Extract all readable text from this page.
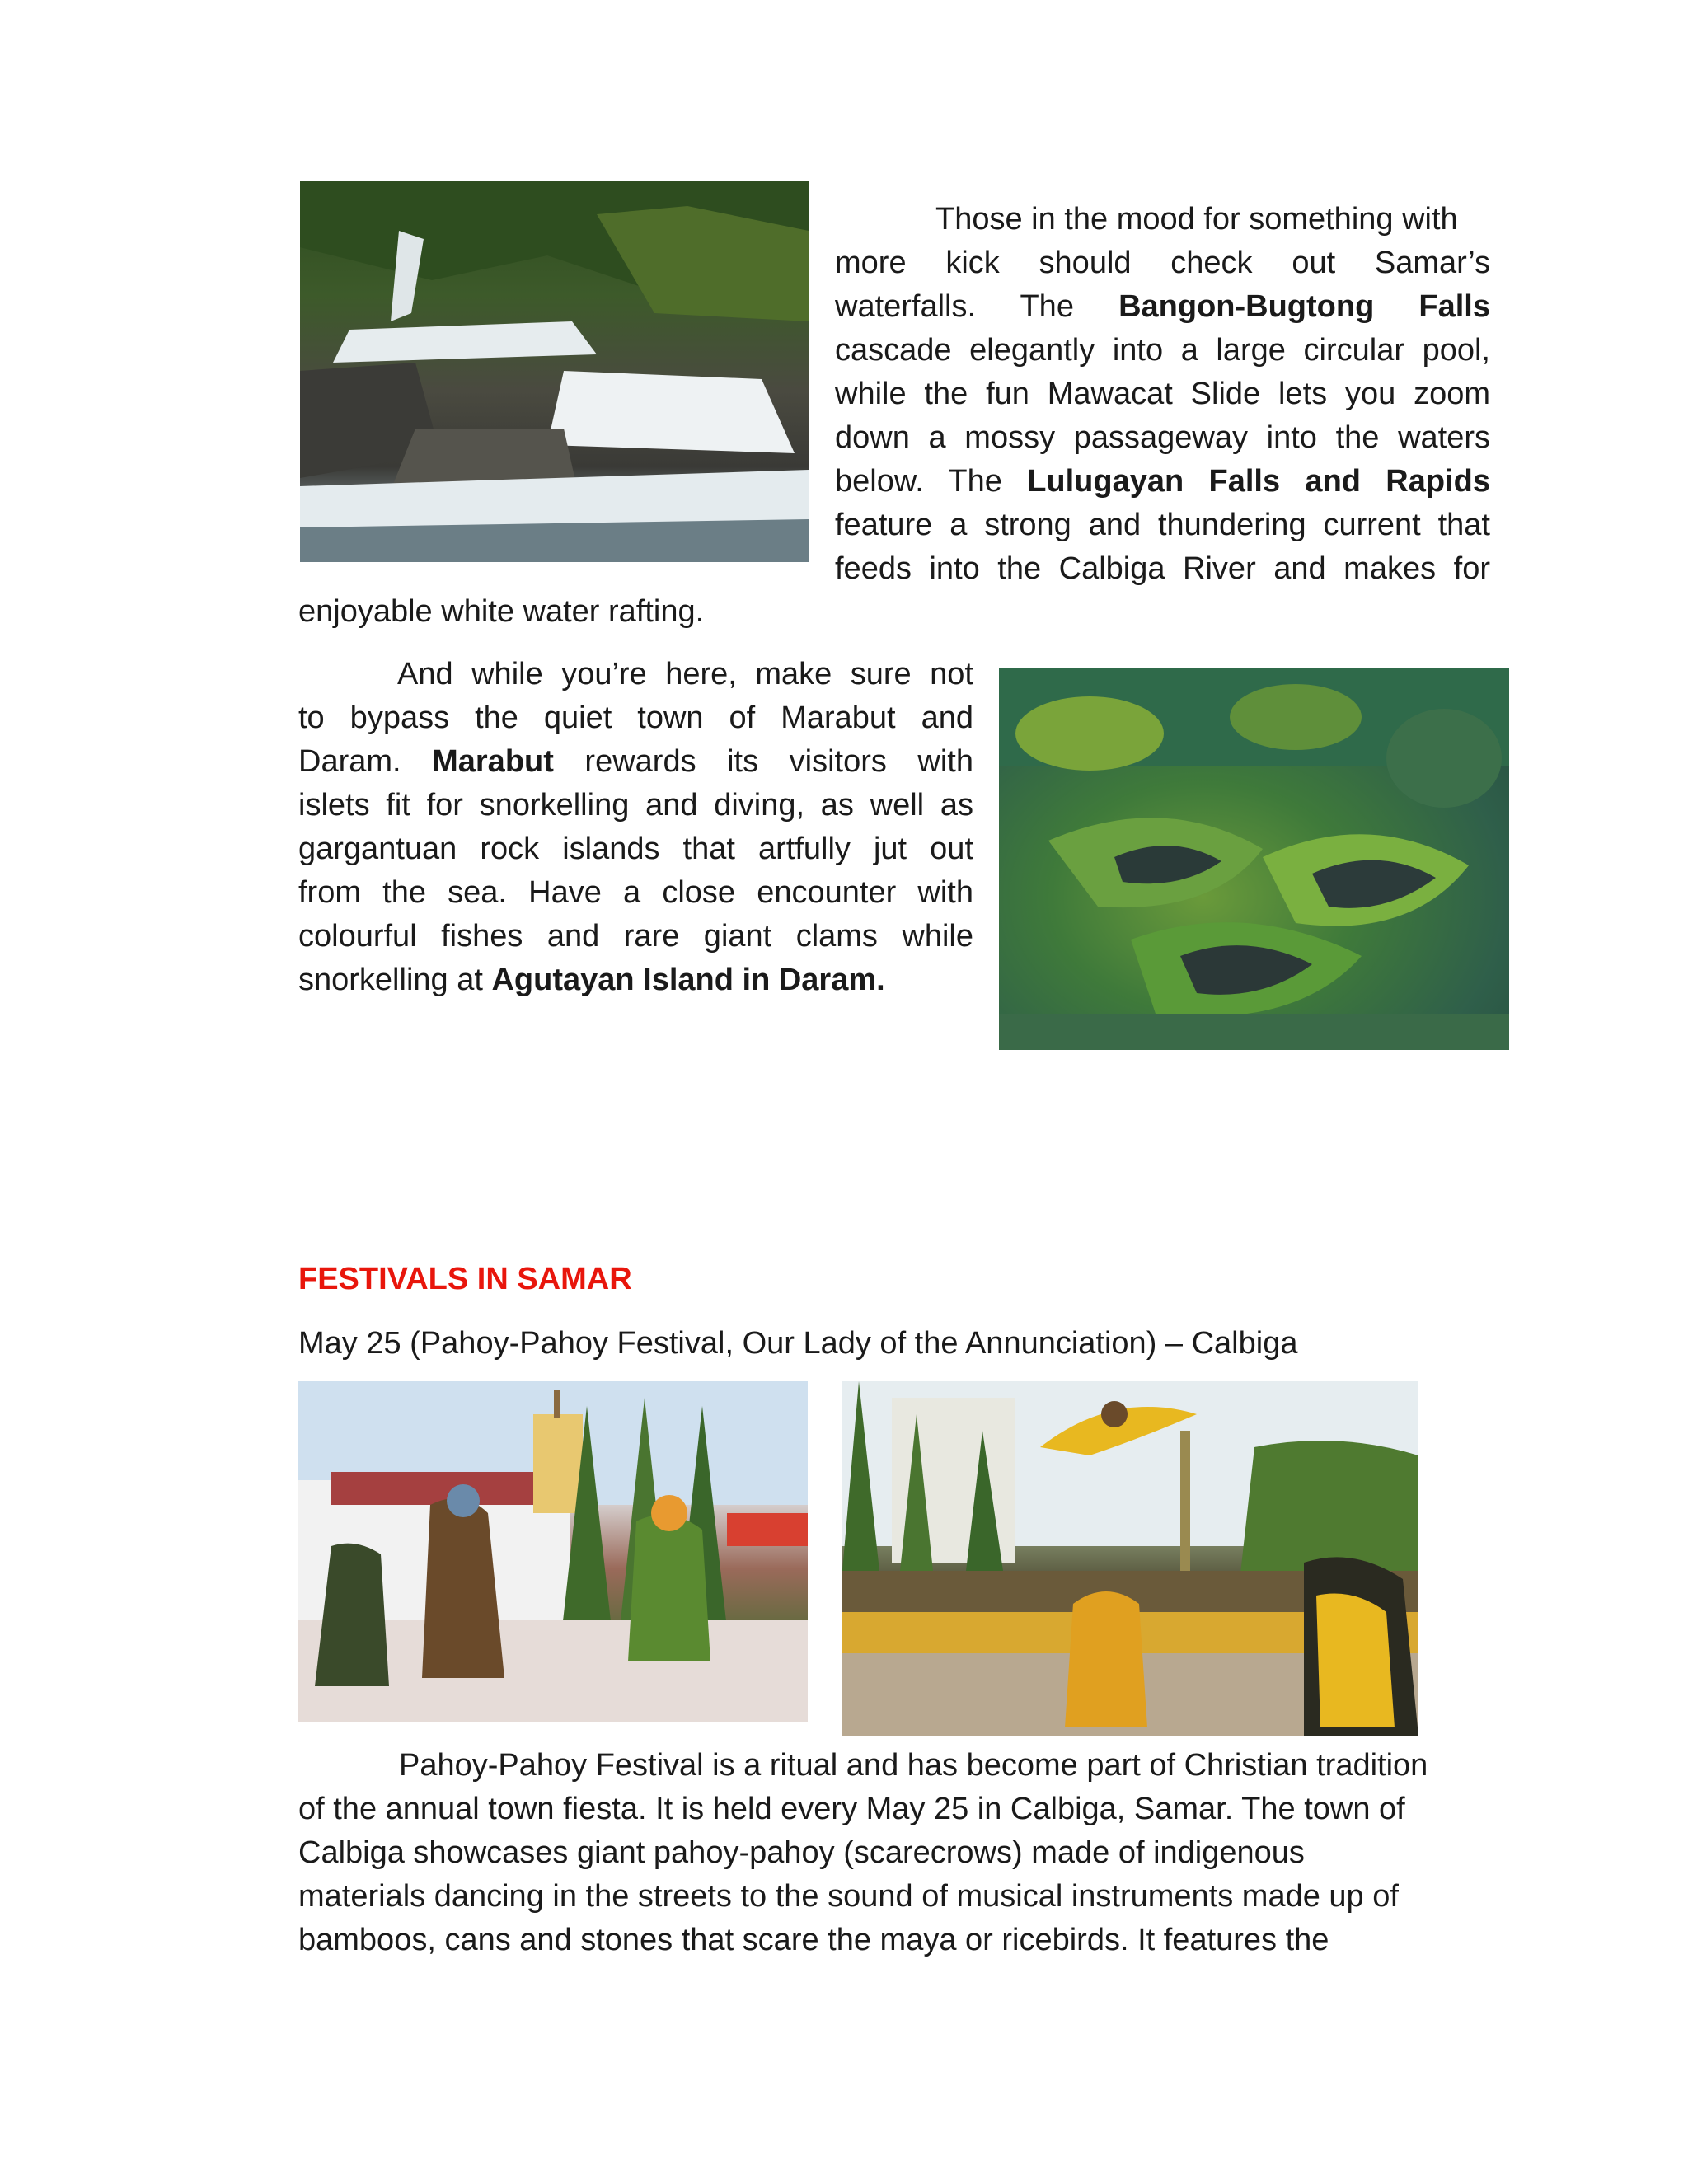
Those in the mood for something with
more kick should check out Samar’s
waterfalls. The Bangon-Bugtong Falls
cascade elegantly into a large circular pool,
while the fun Mawacat Slide lets you zoom
down a mossy passageway into the waters
below. The Lulugayan Falls and Rapids
feature a strong and thundering current that
feeds into the Calbiga River and makes for
enjoyable white water rafting.
And while you’re here, make sure not
to bypass the quiet town of Marabut and
Daram. Marabut rewards its visitors with
islets fit for snorkelling and diving, as well as
gargantuan rock islands that artfully jut out
from the sea. Have a close encounter with
colourful fishes and rare giant clams while
snorkelling at Agutayan Island in Daram.
FESTIVALS IN SAMAR
May 25 (Pahoy-Pahoy Festival, Our Lady of the Annunciation) – Calbiga
Pahoy-Pahoy Festival is a ritual and has become part of Christian tradition
of the annual town fiesta. It is held every May 25 in Calbiga, Samar. The town of
Calbiga showcases giant pahoy-pahoy (scarecrows) made of indigenous
materials dancing in the streets to the sound of musical instruments made up of
bamboos, cans and stones that scare the maya or ricebirds. It features the
